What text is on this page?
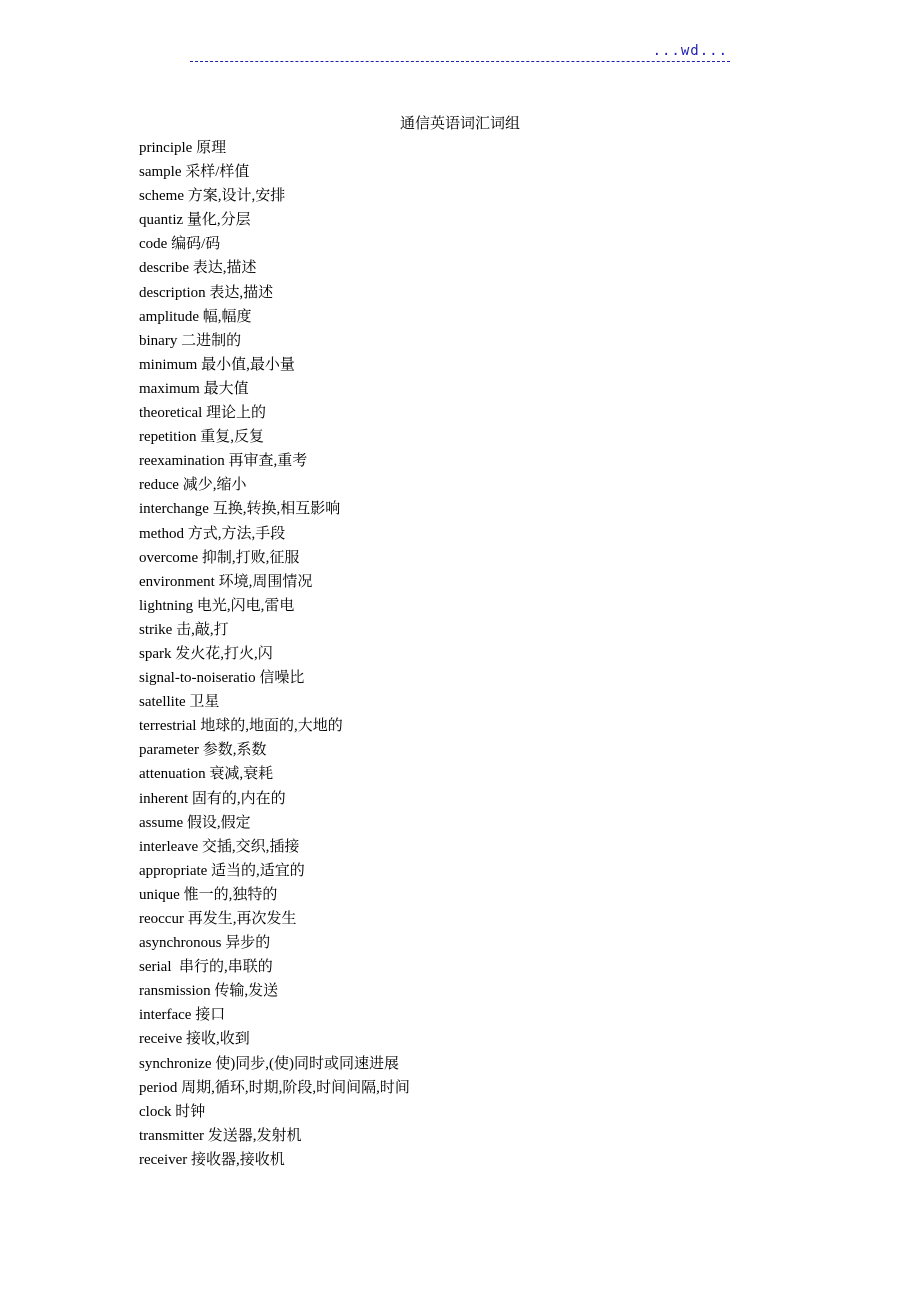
...wd...
通信英语词汇词组
principle 原理
sample 采样/样值
scheme 方案,设计,安排
quantiz 量化,分层
code 编码/码
describe 表达,描述
description 表达,描述
amplitude 幅,幅度
binary 二进制的
minimum 最小值,最小量
maximum 最大值
theoretical 理论上的
repetition 重复,反复
reexamination 再审查,重考
reduce 减少,缩小
interchange 互换,转换,相互影响
method 方式,方法,手段
overcome 抑制,打败,征服
environment 环境,周围情况
lightning 电光,闪电,雷电
strike 击,敲,打
spark 发火花,打火,闪
signal-to-noiseratio 信噪比
satellite 卫星
terrestrial 地球的,地面的,大地的
parameter 参数,系数
attenuation 衰减,衰耗
inherent 固有的,内在的
assume 假设,假定
interleave 交插,交织,插接
appropriate 适当的,适宜的
unique 惟一的,独特的
reoccur 再发生,再次发生
asynchronous 异步的
serial  串行的,串联的
ransmission 传输,发送
interface 接口
receive 接收,收到
synchronize 使)同步,(使)同时或同速进展
period 周期,循环,时期,阶段,时间间隔,时间
clock 时钟
transmitter 发送器,发射机
receiver 接收器,接收机
